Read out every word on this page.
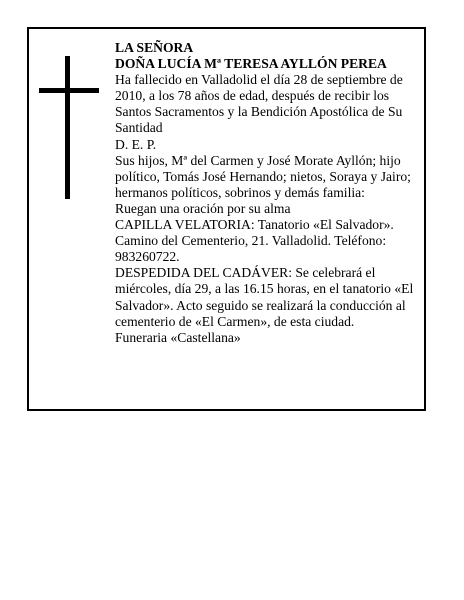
LA SEÑORA
DOÑA LUCÍA Mª TERESA AYLLÓN PEREA
Ha fallecido en Valladolid el día 28 de septiembre de
2010, a los 78 años de edad, después de recibir los
Santos Sacramentos y la Bendición Apostólica de Su
Santidad
D. E. P.
Sus hijos, Mª del Carmen y José Morate Ayllón; hijo
político, Tomás José Hernando; nietos, Soraya y Jairo;
hermanos políticos, sobrinos y demás familia:
Ruegan una oración por su alma
CAPILLA VELATORIA: Tanatorio «El Salvador».
Camino del Cementerio, 21. Valladolid. Teléfono:
983260722.
DESPEDIDA DEL CADÁVER: Se celebrará el
miércoles, día 29, a las 16.15 horas, en el tanatorio «El
Salvador». Acto seguido se realizará la conducción al
cementerio de «El Carmen», de esta ciudad.
Funeraria «Castellana»
